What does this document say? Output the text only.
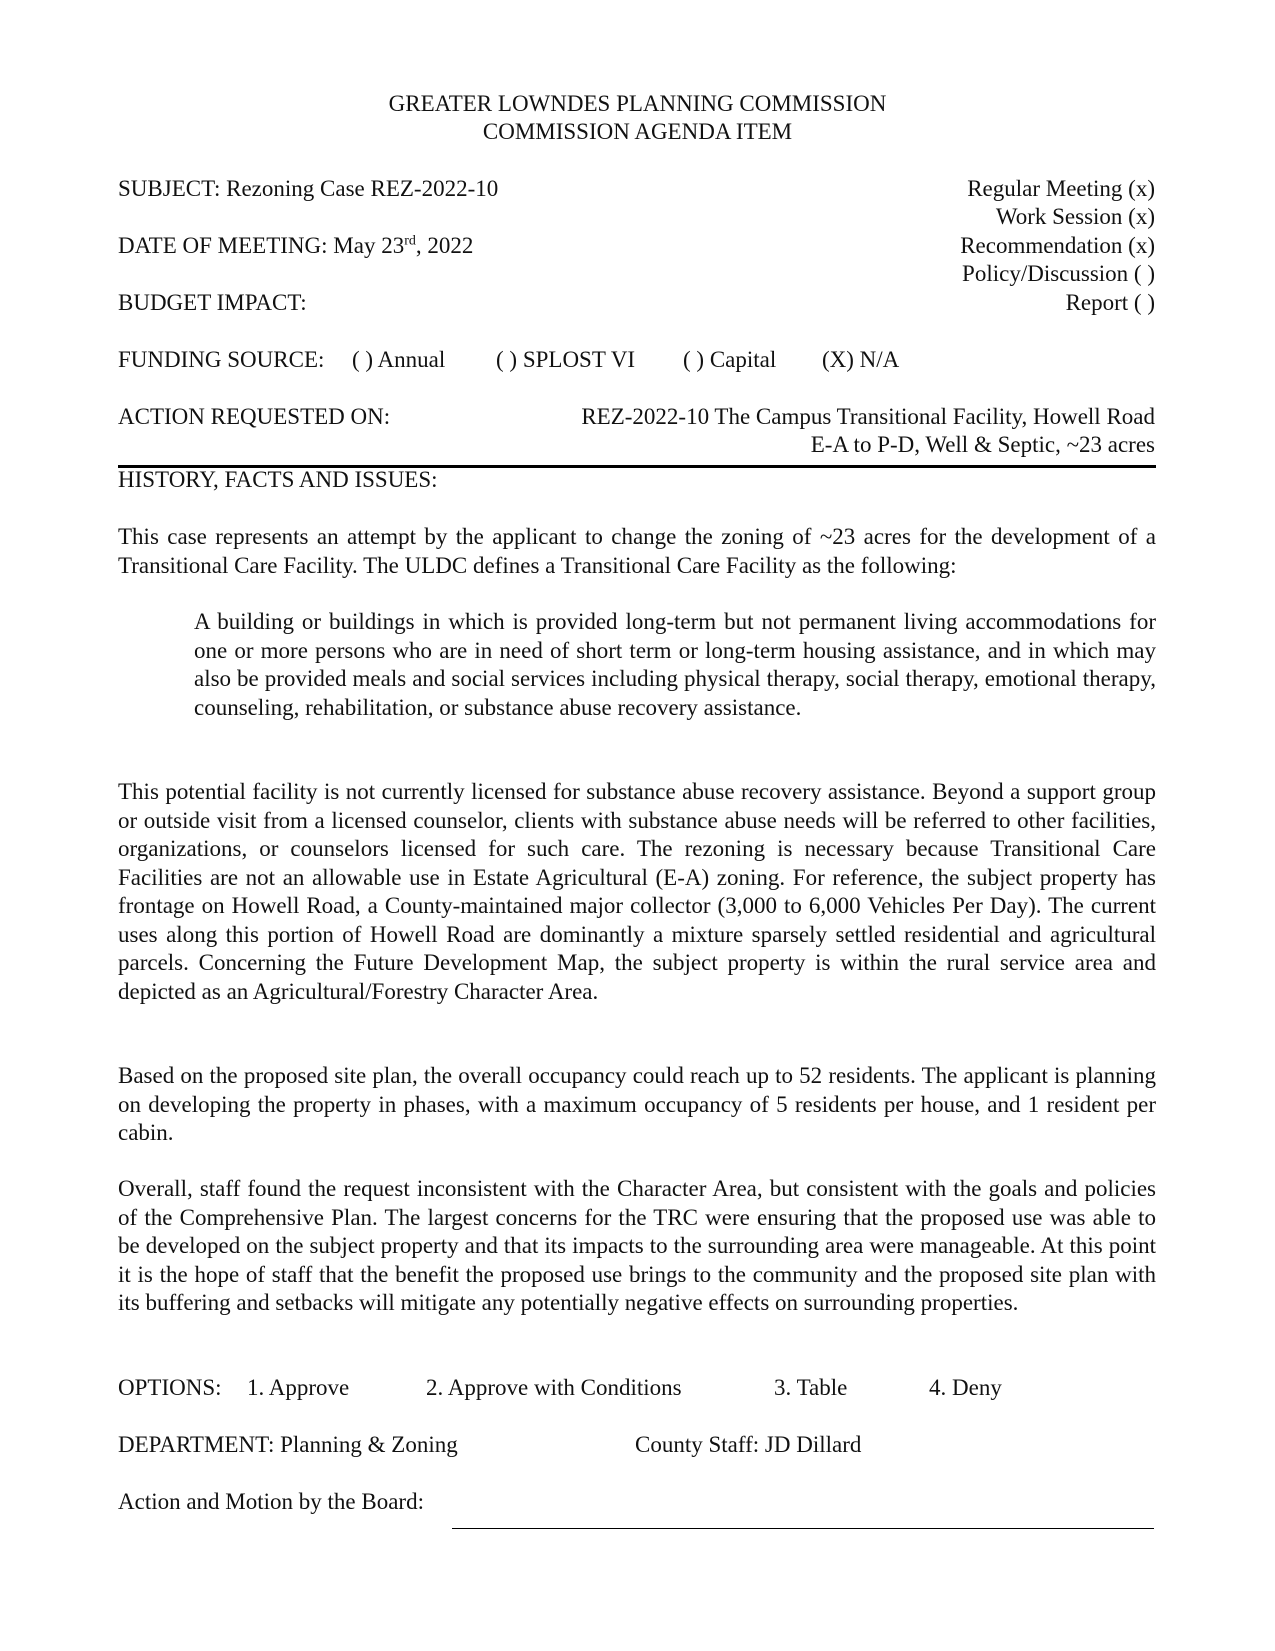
GREATER LOWNDES PLANNING COMMISSION
COMMISSION AGENDA ITEM
SUBJECT: Rezoning Case REZ-2022-10
DATE OF MEETING: May 23rd, 2022
BUDGET IMPACT:
Regular Meeting (x)
Work Session (x)
Recommendation (x)
Policy/Discussion ( )
Report ( )
FUNDING SOURCE: ( ) Annual ( ) SPLOST VI ( ) Capital (X) N/A
ACTION REQUESTED ON:	REZ-2022-10 The Campus Transitional Facility, Howell Road
E-A to P-D, Well & Septic, ~23 acres
HISTORY, FACTS AND ISSUES:
This case represents an attempt by the applicant to change the zoning of ~23 acres for the development of a Transitional Care Facility. The ULDC defines a Transitional Care Facility as the following:
A building or buildings in which is provided long-term but not permanent living accommodations for one or more persons who are in need of short term or long-term housing assistance, and in which may also be provided meals and social services including physical therapy, social therapy, emotional therapy, counseling, rehabilitation, or substance abuse recovery assistance.
This potential facility is not currently licensed for substance abuse recovery assistance. Beyond a support group or outside visit from a licensed counselor, clients with substance abuse needs will be referred to other facilities, organizations, or counselors licensed for such care. The rezoning is necessary because Transitional Care Facilities are not an allowable use in Estate Agricultural (E-A) zoning. For reference, the subject property has frontage on Howell Road, a County-maintained major collector (3,000 to 6,000 Vehicles Per Day). The current uses along this portion of Howell Road are dominantly a mixture sparsely settled residential and agricultural parcels. Concerning the Future Development Map, the subject property is within the rural service area and depicted as an Agricultural/Forestry Character Area.
Based on the proposed site plan, the overall occupancy could reach up to 52 residents. The applicant is planning on developing the property in phases, with a maximum occupancy of 5 residents per house, and 1 resident per cabin.
Overall, staff found the request inconsistent with the Character Area, but consistent with the goals and policies of the Comprehensive Plan. The largest concerns for the TRC were ensuring that the proposed use was able to be developed on the subject property and that its impacts to the surrounding area were manageable. At this point it is the hope of staff that the benefit the proposed use brings to the community and the proposed site plan with its buffering and setbacks will mitigate any potentially negative effects on surrounding properties.
OPTIONS: 1. Approve	2. Approve with Conditions	3. Table	4. Deny
DEPARTMENT: Planning & Zoning	County Staff: JD Dillard
Action and Motion by the Board:
